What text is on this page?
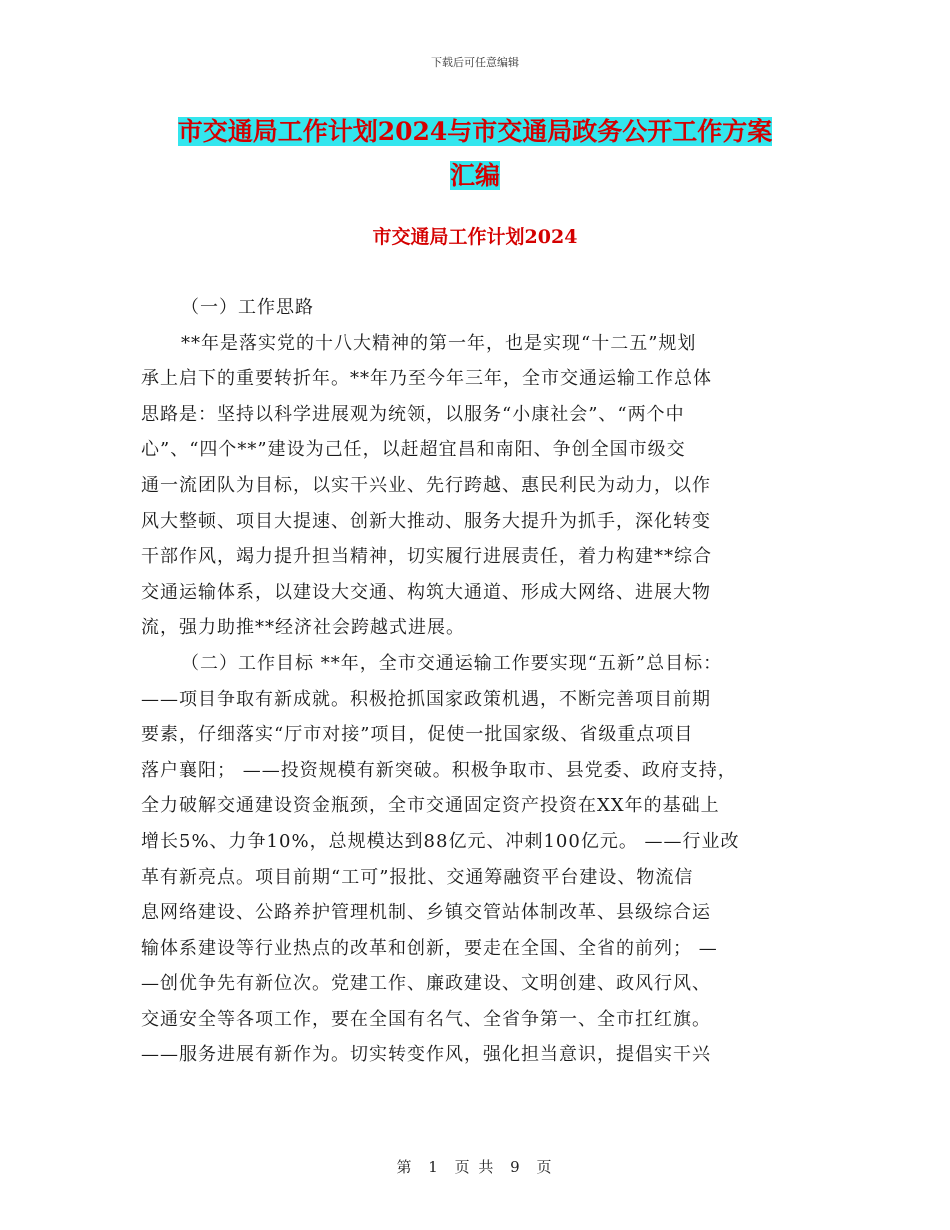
下载后可任意编辑
市交通局工作计划2024与市交通局政务公开工作方案
汇编
市交通局工作计划2024

（一）工作思路

**年是落实党的十八大精神的第一年，也是实现“十二五”规划

承上启下的重要转折年。**年乃至今年三年，全市交通运输工作总体

思路是：坚持以科学进展观为统领，以服务“小康社会”、“两个中

心”、“四个**”建设为己任，以赶超宜昌和南阳、争创全国市级交

通一流团队为目标，以实干兴业、先行跨越、惠民利民为动力，以作

风大整顿、项目大提速、创新大推动、服务大提升为抓手，深化转变

干部作风，竭力提升担当精神，切实履行进展责任，着力构建**综合

交通运输体系，以建设大交通、构筑大通道、形成大网络、进展大物

流，强力助推**经济社会跨越式进展。

（二）工作目标 **年，全市交通运输工作要实现“五新”总目标：

——项目争取有新成就。积极抢抓国家政策机遇，不断完善项目前期

要素，仔细落实“厅市对接”项目，促使一批国家级、省级重点项目

落户襄阳； ——投资规模有新突破。积极争取市、县党委、政府支持，

全力破解交通建设资金瓶颈，全市交通固定资产投资在XX年的基础上

增长5%、力争10%，总规模达到88亿元、冲刺100亿元。 ——行业改

革有新亮点。项目前期“工可”报批、交通筹融资平台建设、物流信

息网络建设、公路养护管理机制、乡镇交管站体制改革、县级综合运

输体系建设等行业热点的改革和创新，要走在全国、全省的前列； —

—创优争先有新位次。党建工作、廉政建设、文明创建、政风行风、

交通安全等各项工作，要在全国有名气、全省争第一、全市扛红旗。

——服务进展有新作为。切实转变作风，强化担当意识，提倡实干兴

第 1 页 共 9 页
